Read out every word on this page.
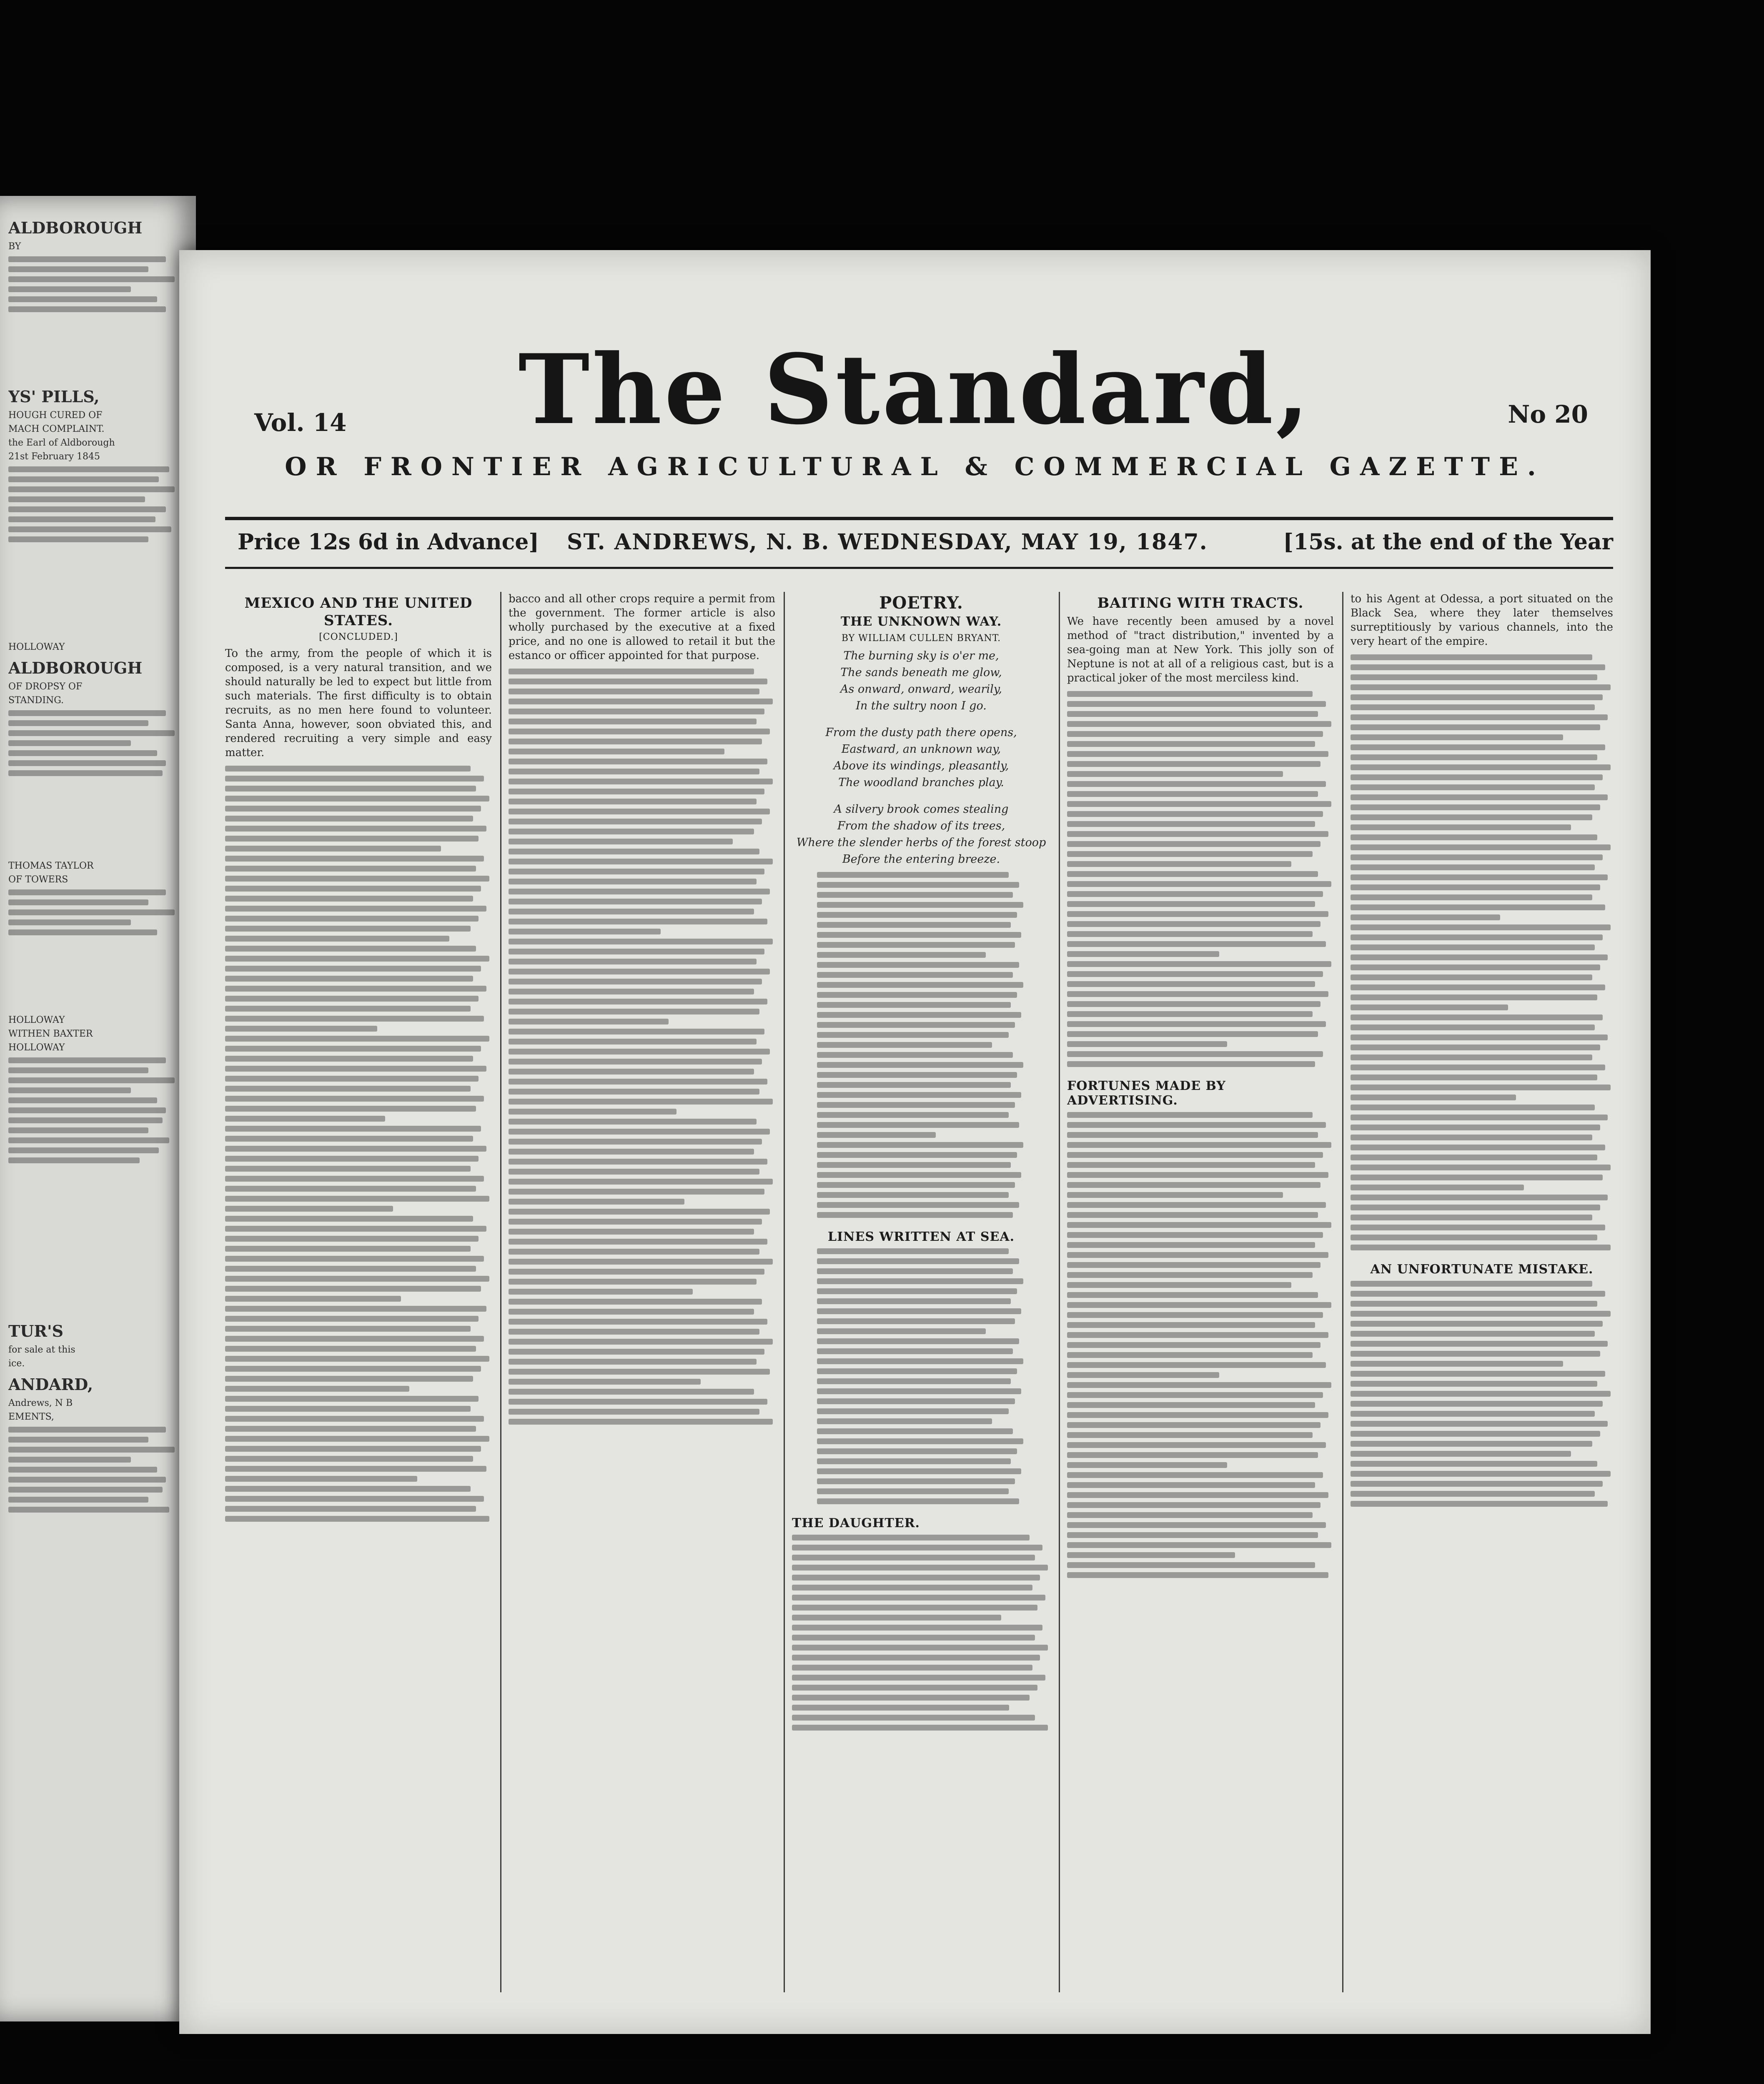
ALDBOROUGH

BY

YS' PILLS,

HOUGH CURED OF

MACH COMPLAINT.

the Earl of Aldborough

21st February 1845

HOLLOWAY

ALDBOROUGH

OF DROPSY OF

STANDING.

THOMAS TAYLOR

OF TOWERS

HOLLOWAY

WITHEN BAXTER

HOLLOWAY

TUR'S

for sale at this

ice.

ANDARD,

Andrews, N B

EMENTS,

The Standard,
Vol. 14	No 20
OR FRONTIER AGRICULTURAL & COMMERCIAL GAZETTE.
Price 12s 6d in Advance] ST. ANDREWS, N. B. WEDNESDAY, MAY 19, 1847.	[15s. at the end of the Year
MEXICO AND THE UNITED STATES.
[CONCLUDED.]
To the army, from the people of which it is composed, is a very natural transition, and we should naturally be led to expect but little from such materials. The first difficulty is to obtain recruits, as no men here found to volunteer. Santa Anna, however, soon obviated this, and rendered recruiting a very simple and easy matter.
bacco and all other crops require a permit from the government. The former article is also wholly purchased by the executive at a fixed price, and no one is allowed to retail it but the estanco or officer appointed for that purpose.
POETRY.
THE UNKNOWN WAY.
BY WILLIAM CULLEN BRYANT.
The burning sky is o'er me,
The sands beneath me glow,
As onward, onward, wearily,
In the sultry noon I go.
From the dusty path there opens,
Eastward, an unknown way,
Above its windings, pleasantly,
The woodland branches play.
A silvery brook comes stealing
From the shadow of its trees,
Where the slender herbs of the forest stoop
Before the entering breeze.
LINES WRITTEN AT SEA.
THE DAUGHTER.
BAITING WITH TRACTS.
We have recently been amused by a novel method of "tract distribution," invented by a sea-going man at New York. This jolly son of Neptune is not at all of a religious cast, but is a practical joker of the most merciless kind.
FORTUNES MADE BY ADVERTISING.
to his Agent at Odessa, a port situated on the Black Sea, where they later themselves surreptitiously by various channels, into the very heart of the empire.
AN UNFORTUNATE MISTAKE.
